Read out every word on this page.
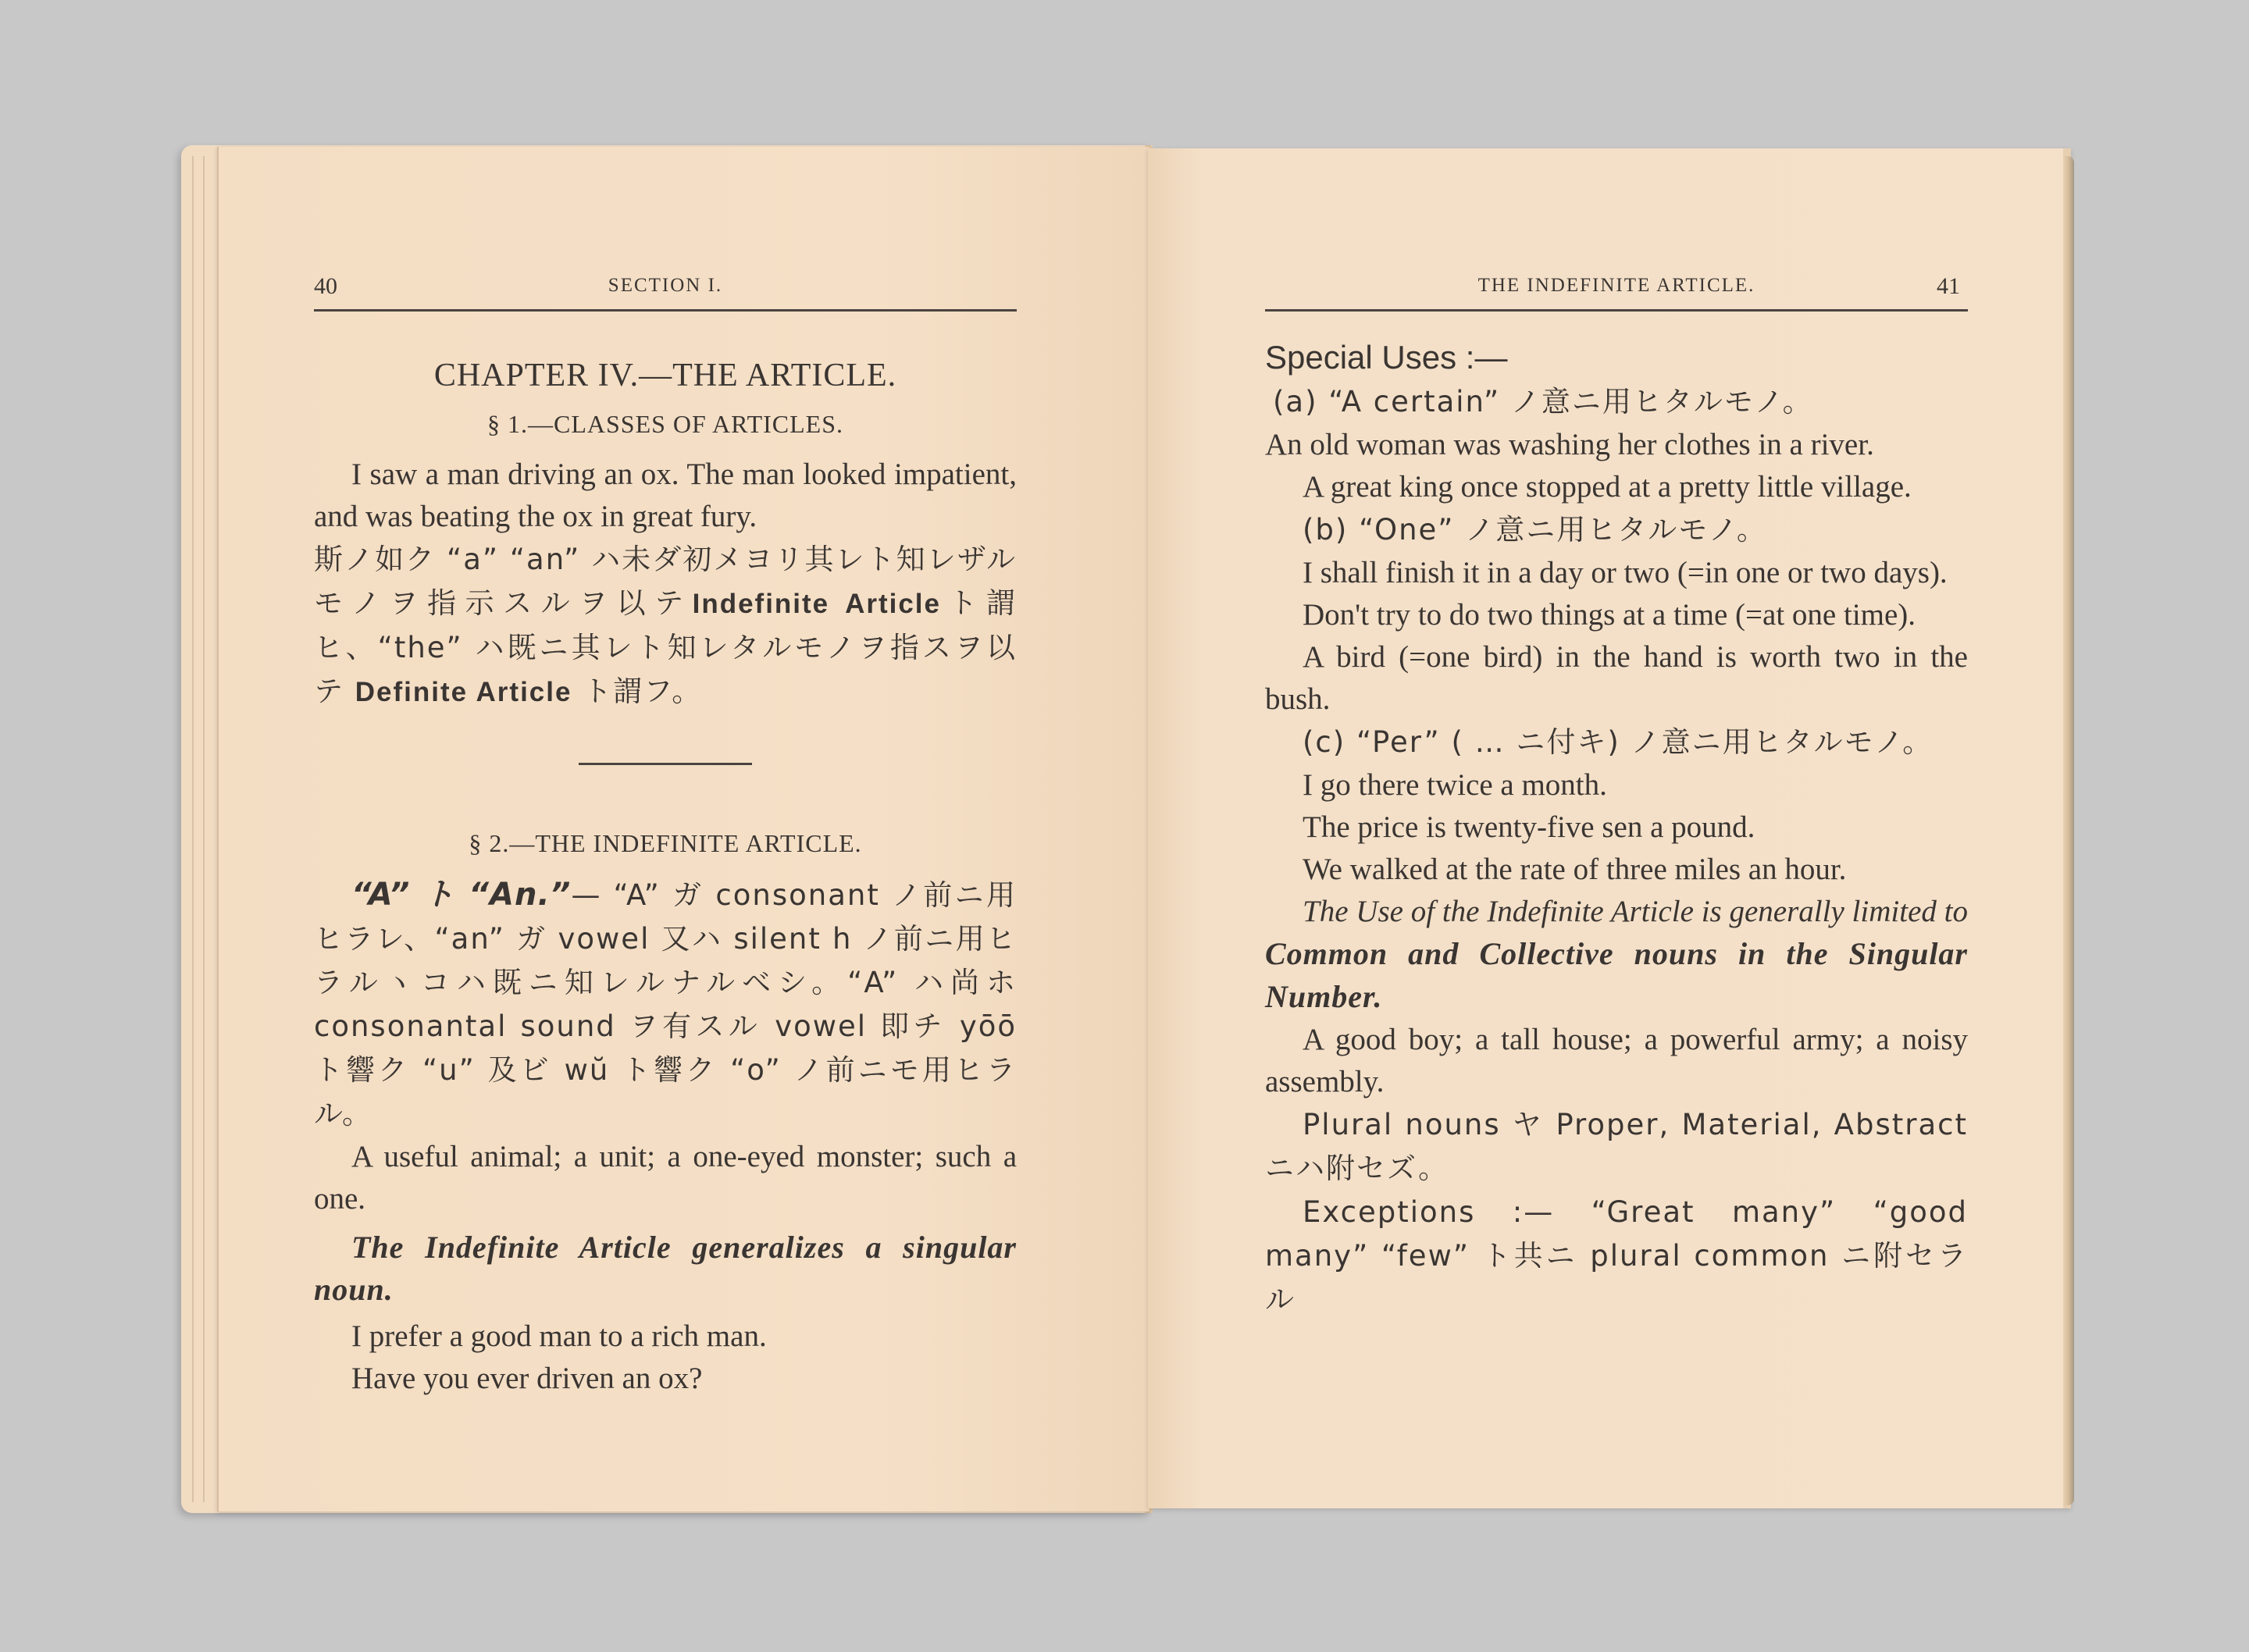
40	SECTION I.

CHAPTER IV.—THE ARTICLE.

§ 1.—CLASSES OF ARTICLES.

I saw a man driving an ox. The man looked impatient, and was beating the ox in great fury.

斯ノ如ク “a” “an” ハ未ダ初メヨリ其レト知レザルモノヲ指示スルヲ以テIndefinite Articleト謂ヒ、“the” ハ既ニ其レト知レタルモノヲ指スヲ以テ Definite Article ト謂フ。

§ 2.—THE INDEFINITE ARTICLE.

“A” ト “An.”— “A” ガ consonant ノ前ニ用ヒラレ、“an” ガ vowel 又ハ silent h ノ前ニ用ヒラルヽコハ既ニ知レルナルベシ。“A” ハ尚ホ consonantal sound ヲ有スル vowel 即チ yōō ト響ク “u” 及ビ wŭ ト響ク “o” ノ前ニモ用ヒラル。

A useful animal; a unit; a one-eyed monster; such a one.

The Indefinite Article generalizes a singular noun.

I prefer a good man to a rich man.

Have you ever driven an ox?

THE INDEFINITE ARTICLE.	41

Special Uses :—

(a) “A certain” ノ意ニ用ヒタルモノ。

An old woman was washing her clothes in a river.

A great king once stopped at a pretty little village.

(b) “One” ノ意ニ用ヒタルモノ。

I shall finish it in a day or two (=in one or two days).

Don't try to do two things at a time (=at one time).

A bird (=one bird) in the hand is worth two in the bush.

(c) “Per” ( … ニ付キ) ノ意ニ用ヒタルモノ。

I go there twice a month.

The price is twenty-five sen a pound.

We walked at the rate of three miles an hour.

The Use of the Indefinite Article is generally limited to Common and Collective nouns in the Singular Number.

A good boy; a tall house; a powerful army; a noisy assembly.

Plural nouns ヤ Proper, Material, Abstract ニハ附セズ。

Exceptions :— “Great many” “good many” “few” ト共ニ plural common ニ附セラル
